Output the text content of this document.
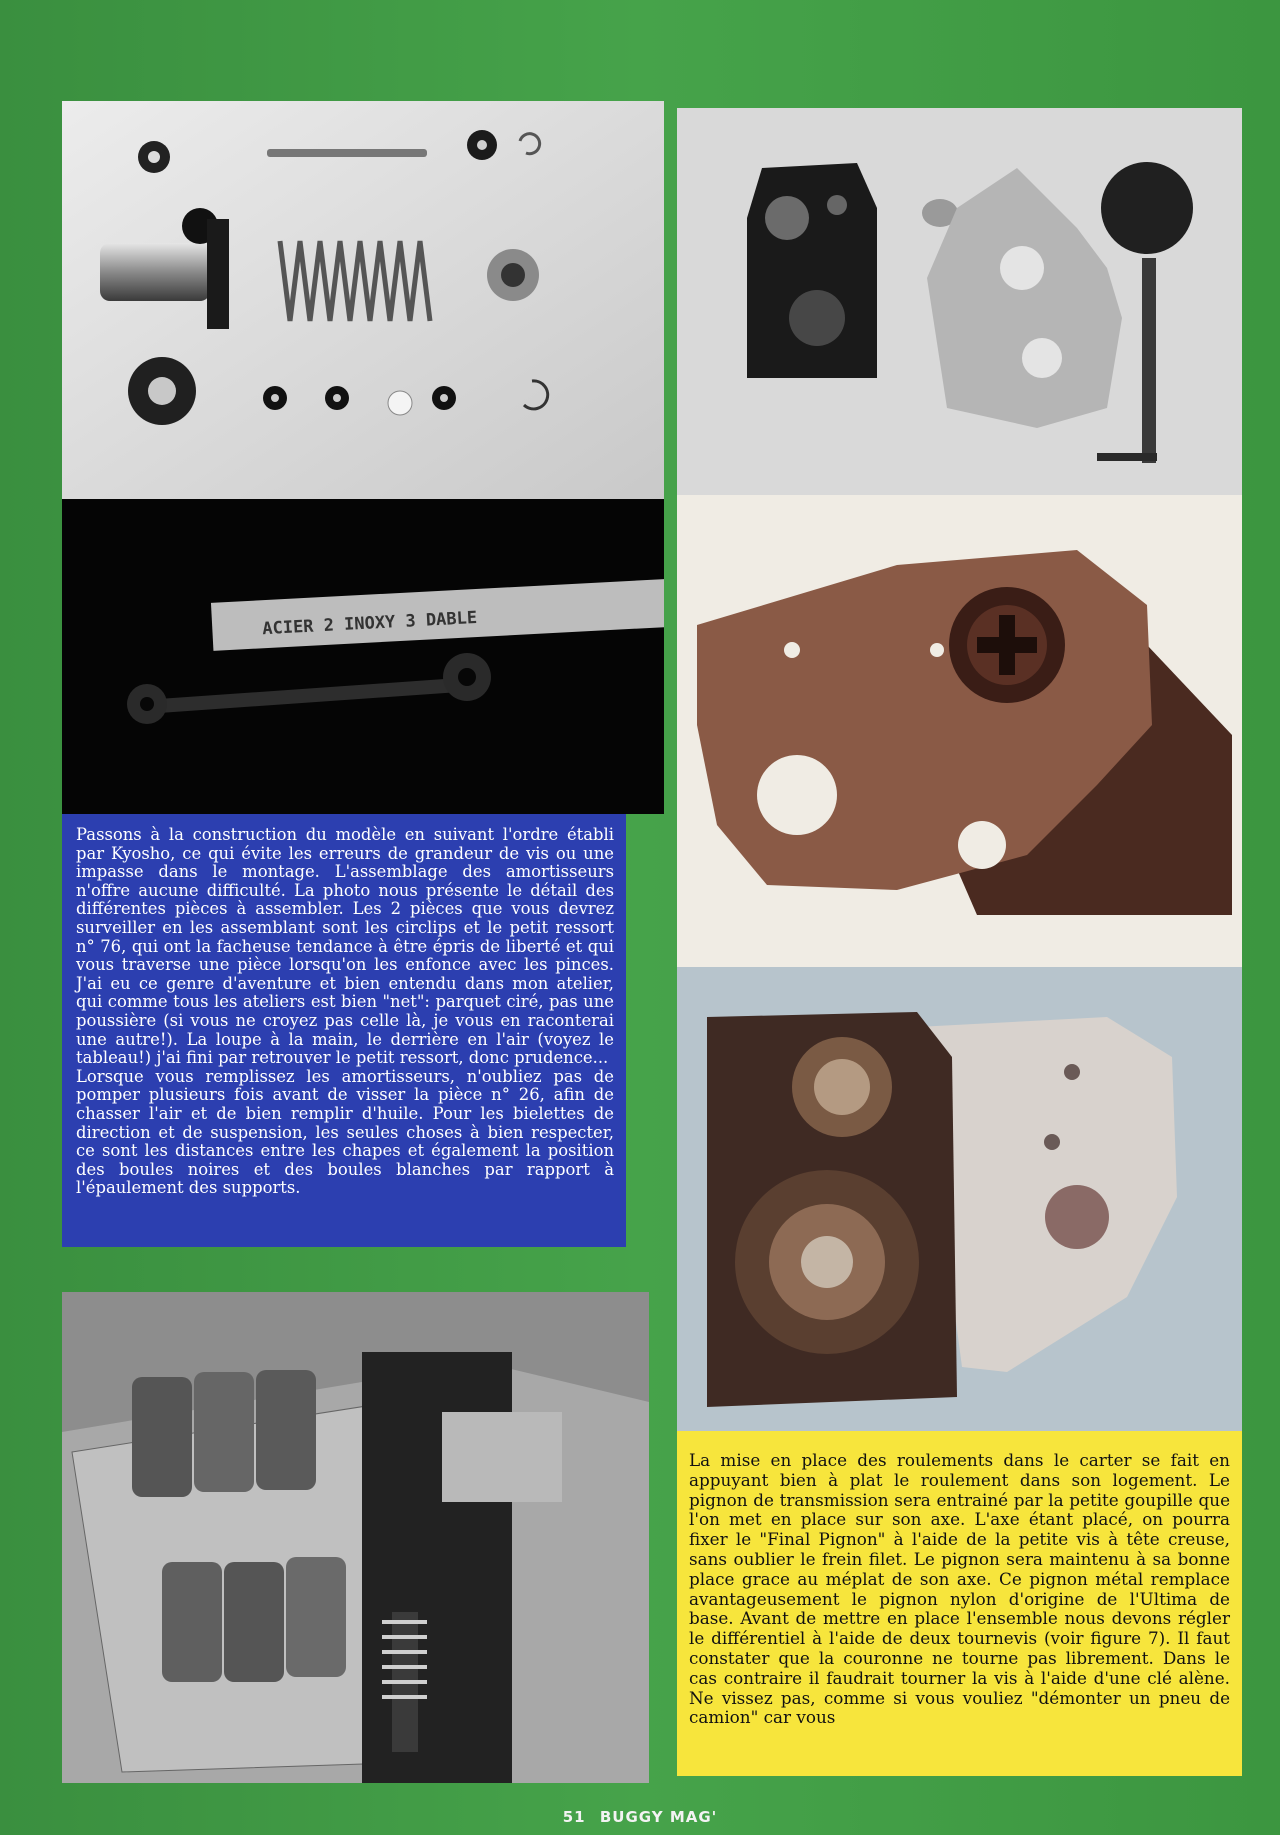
ACIER 2 INOXY 3 DABLE

Passons à la construction du modèle en suivant l'ordre établi par Kyosho, ce qui évite les erreurs de grandeur de vis ou une impasse dans le montage. L'assemblage des amortisseurs n'offre aucune difficulté. La photo nous présente le détail des différentes pièces à assembler. Les 2 pièces que vous devrez surveiller en les assemblant sont les circlips et le petit ressort n° 76, qui ont la facheuse tendance à être épris de liberté et qui vous traverse une pièce lorsqu'on les enfonce avec les pinces. J'ai eu ce genre d'aventure et bien entendu dans mon atelier, qui comme tous les ateliers est bien "net": parquet ciré, pas une poussière (si vous ne croyez pas celle là, je vous en raconterai une autre!). La loupe à la main, le derrière en l'air (voyez le tableau!) j'ai fini par retrouver le petit ressort, donc prudence...

Lorsque vous remplissez les amortisseurs, n'oubliez pas de pomper plusieurs fois avant de visser la pièce n° 26, afin de chasser l'air et de bien remplir d'huile. Pour les bielettes de direction et de suspension, les seules choses à bien respecter, ce sont les distances entre les chapes et également la position des boules noires et des boules blanches par rapport à l'épaulement des supports.

La mise en place des roulements dans le carter se fait en appuyant bien à plat le roulement dans son logement. Le pignon de transmission sera entrainé par la petite goupille que l'on met en place sur son axe. L'axe étant placé, on pourra fixer le "Final Pignon" à l'aide de la petite vis à tête creuse, sans oublier le frein filet. Le pignon sera maintenu à sa bonne place grace au méplat de son axe. Ce pignon métal remplace avantageusement le pignon nylon d'origine de l'Ultima de base. Avant de mettre en place l'ensemble nous devons régler le différentiel à l'aide de deux tournevis (voir figure 7). Il faut constater que la couronne ne tourne pas librement. Dans le cas contraire il faudrait tourner la vis à l'aide d'une clé alène. Ne vissez pas, comme si vous vouliez "démonter un pneu de camion" car vous

51 BUGGY MAG'
